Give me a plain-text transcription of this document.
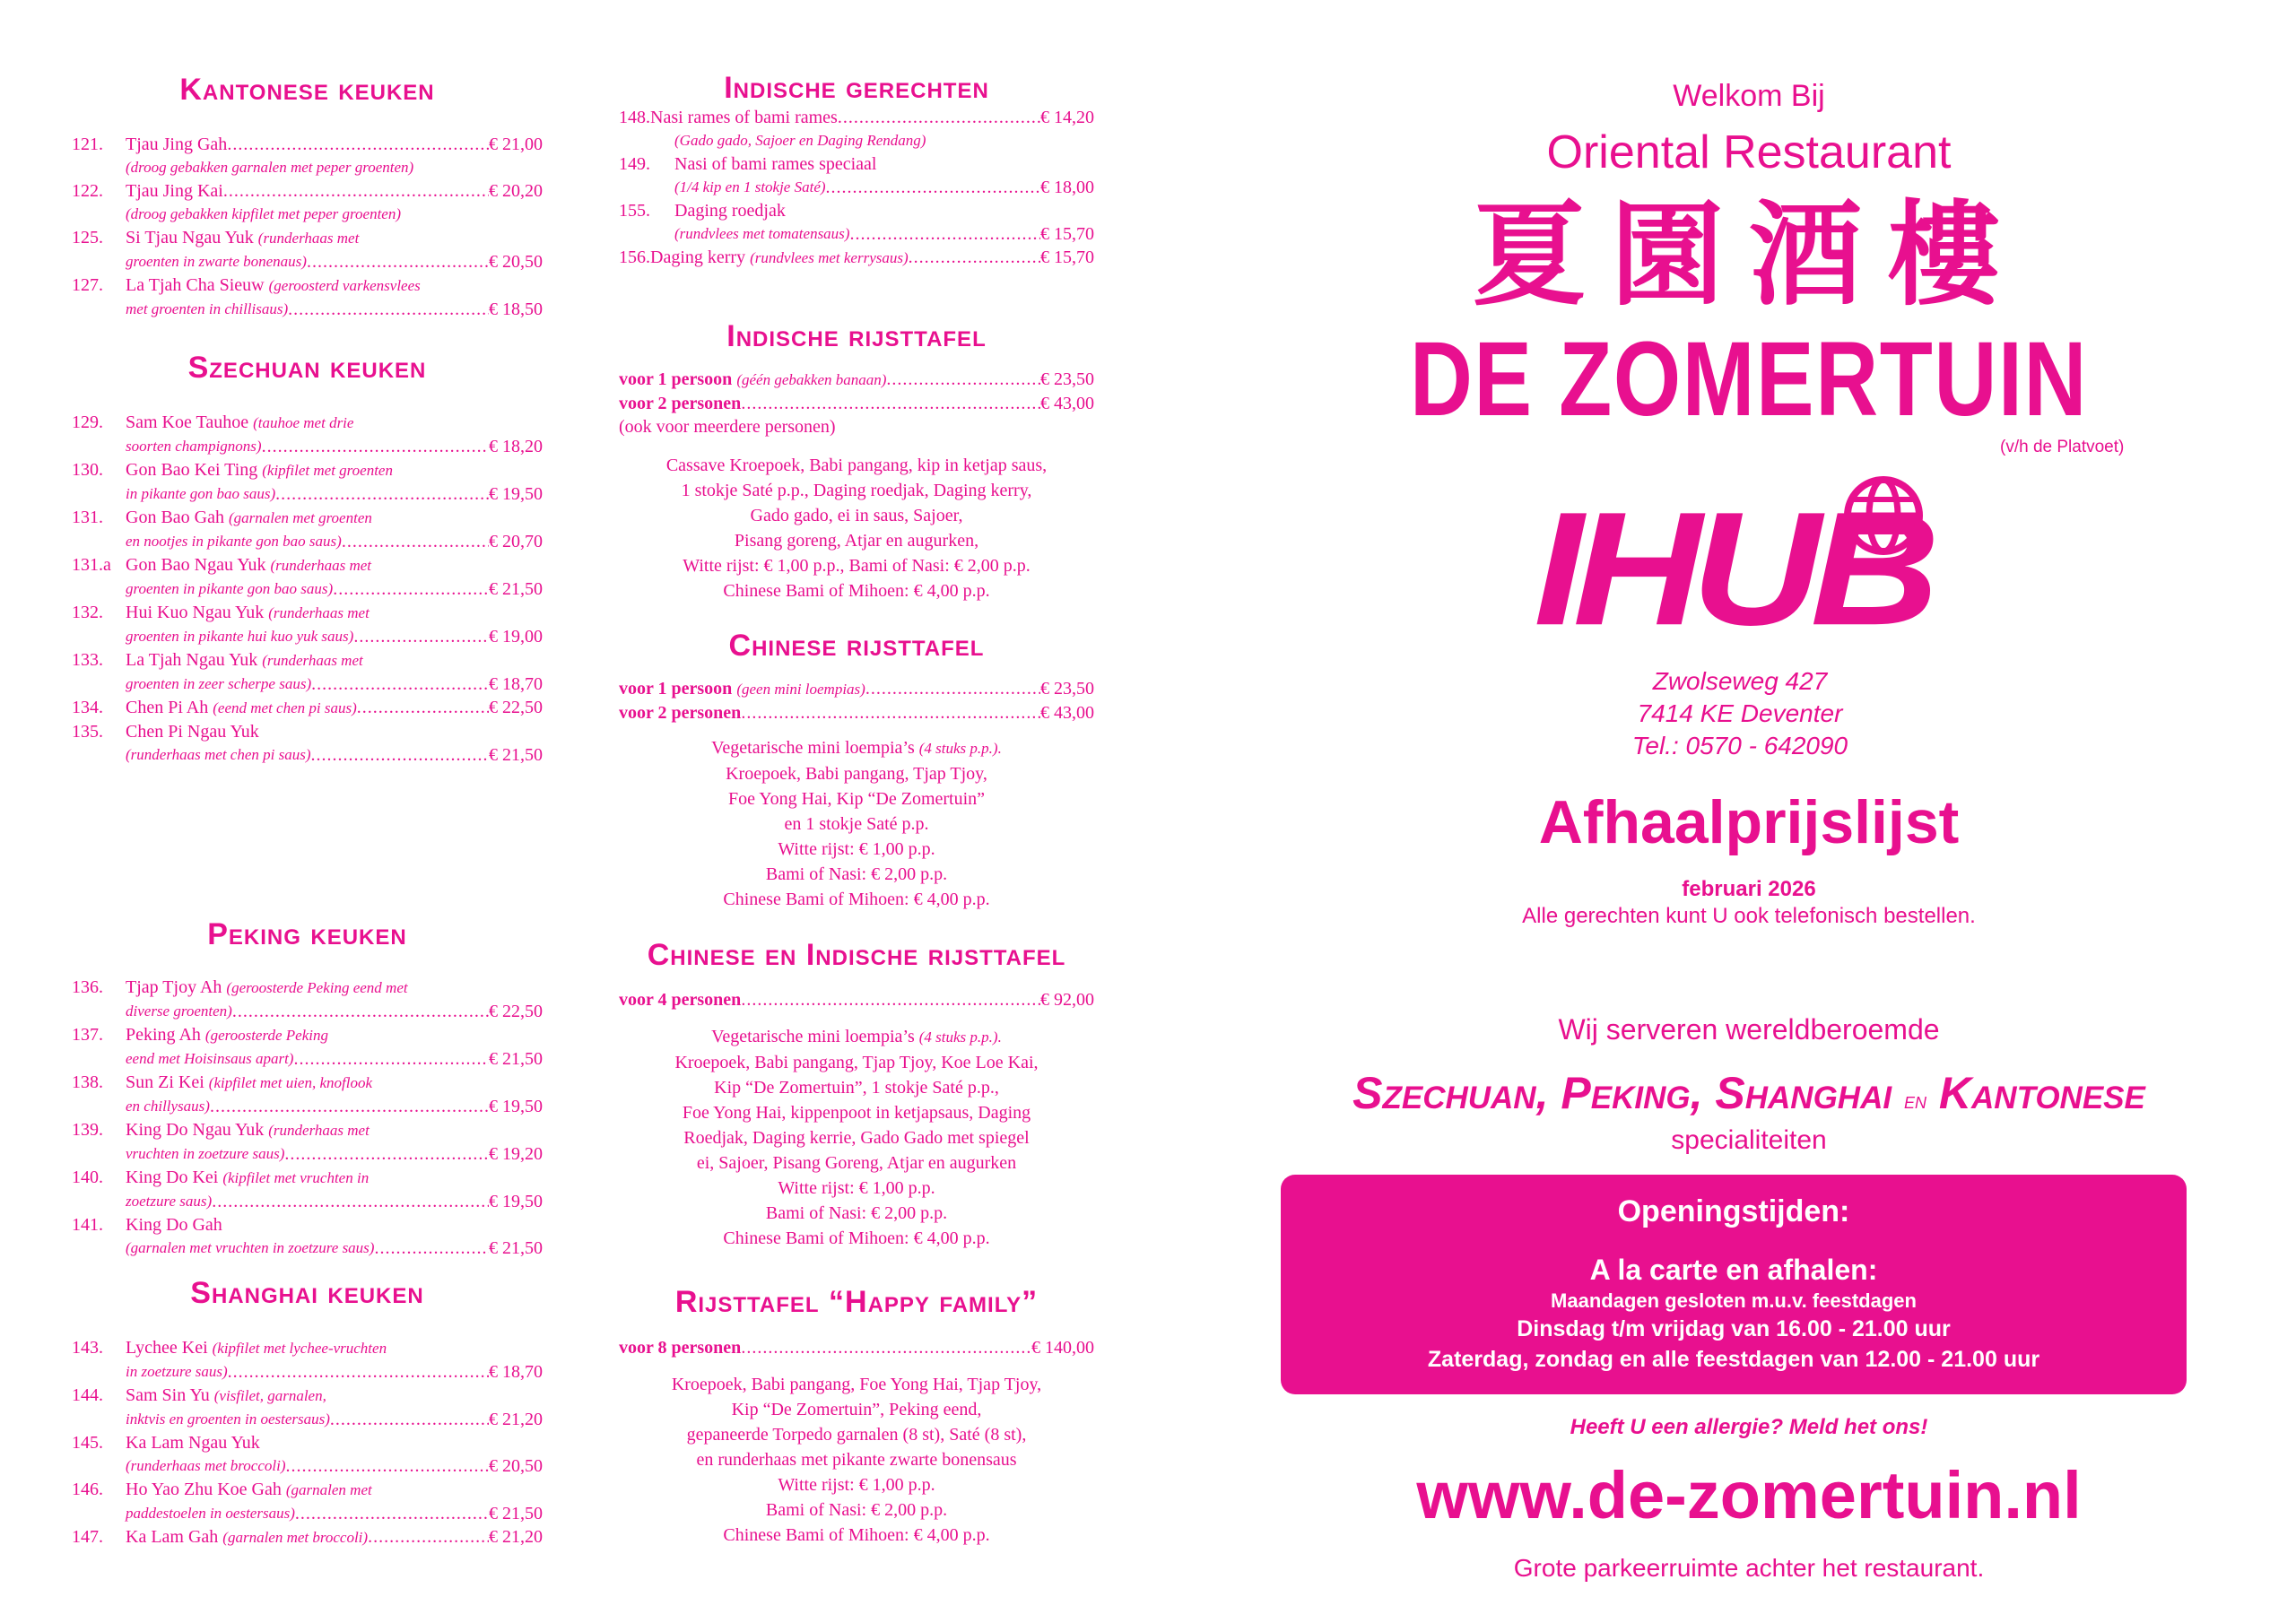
Kantonese keuken
121.	Tjau Jing Gah .....	€ 21,00
(droog gebakken garnalen met peper groenten)
122.	Tjau Jing Kai .....	€ 20,20
(droog gebakken kipfilet met peper groenten)
125.	Si Tjau Ngau Yuk (runderhaas met
groenten in zwarte bonenaus) .....	€ 20,50
127.	La Tjah Cha Sieuw (geroosterd varkensvlees
met groenten in chillisaus) .....	€ 18,50
Szechuan keuken
129.	Sam Koe Tauhoe (tauhoe met drie
soorten champignons) .....	€ 18,20
130.	Gon Bao Kei Ting (kipfilet met groenten
in pikante gon bao saus) .....	€ 19,50
131.	Gon Bao Gah (garnalen met groenten
en nootjes in pikante gon bao saus) .....	€ 20,70
131.a Gon Bao Ngau Yuk (runderhaas met
groenten in pikante gon bao saus) .....	€ 21,50
132.	Hui Kuo Ngau Yuk (runderhaas met
groenten in pikante hui kuo yuk saus) .....	€ 19,00
133.	La Tjah Ngau Yuk (runderhaas met
groenten in zeer scherpe saus) .....	€ 18,70
134.	Chen Pi Ah (eend met chen pi saus) .....	€ 22,50
135.	Chen Pi Ngau Yuk
(runderhaas met chen pi saus) .....	€ 21,50
Peking keuken
136.	Tjap Tjoy Ah (geroosterde Peking eend met
diverse groenten) .....	€ 22,50
137.	Peking Ah (geroosterde Peking
eend met Hoisinsaus apart) .....	€ 21,50
138.	Sun Zi Kei (kipfilet met uien, knoflook
en chillysaus) .....	€ 19,50
139.	King Do Ngau Yuk (runderhaas met
vruchten in zoetzure saus) .....	€ 19,20
140.	King Do Kei (kipfilet met vruchten in
zoetzure saus) .....	€ 19,50
141.	King Do Gah
(garnalen met vruchten in zoetzure saus) .....	€ 21,50
Shanghai keuken
143.	Lychee Kei (kipfilet met lychee-vruchten
in zoetzure saus) .....	€ 18,70
144.	Sam Sin Yu (visfilet, garnalen,
inktvis en groenten in oestersaus) .....	€ 21,20
145.	Ka Lam Ngau Yuk
(runderhaas met broccoli) .....	€ 20,50
146.	Ho Yao Zhu Koe Gah (garnalen met
paddestoelen in oestersaus) .....	€ 21,50
147.	Ka Lam Gah (garnalen met broccoli) .....	€ 21,20
Indische gerechten
148. Nasi rames of bami rames .....	€ 14,20
(Gado gado, Sajoer en Daging Rendang)
149.	Nasi of bami rames speciaal
(1/4 kip en 1 stokje Saté) .....	€ 18,00
155.	Daging roedjak
(rundvlees met tomatensaus) .....	€ 15,70
156. Daging kerry (rundvlees met kerrysaus) .....	€ 15,70
Indische rijsttafel
voor 1 persoon (géén gebakken banaan) .....	€ 23,50
voor 2 personen .....	€ 43,00
(ook voor meerdere personen)
Cassave Kroepoek, Babi pangang, kip in ketjap saus,
1 stokje Saté p.p., Daging roedjak, Daging kerry,
Gado gado, ei in saus, Sajoer,
Pisang goreng, Atjar en augurken,
Witte rijst: € 1,00 p.p., Bami of Nasi: € 2,00 p.p.
Chinese Bami of Mihoen: € 4,00 p.p.
Chinese rijsttafel
voor 1 persoon (geen mini loempias) .....	€ 23,50
voor 2 personen .....	€ 43,00
Vegetarische mini loempia’s (4 stuks p.p.).
Kroepoek, Babi pangang, Tjap Tjoy,
Foe Yong Hai, Kip “De Zomertuin”
en 1 stokje Saté p.p.
Witte rijst: € 1,00 p.p.
Bami of Nasi: € 2,00 p.p.
Chinese Bami of Mihoen: € 4,00 p.p.
Chinese en Indische rijsttafel
voor 4 personen .....	€ 92,00
Vegetarische mini loempia’s (4 stuks p.p.).
Kroepoek, Babi pangang, Tjap Tjoy, Koe Loe Kai,
Kip “De Zomertuin”, 1 stokje Saté p.p.,
Foe Yong Hai, kippenpoot in ketjapsaus, Daging
Roedjak, Daging kerrie, Gado Gado met spiegel
ei, Sajoer, Pisang Goreng, Atjar en augurken
Witte rijst: € 1,00 p.p.
Bami of Nasi: € 2,00 p.p.
Chinese Bami of Mihoen: € 4,00 p.p.
Rijsttafel “Happy family”
voor 8 personen .....	€ 140,00
Kroepoek, Babi pangang, Foe Yong Hai, Tjap Tjoy,
Kip “De Zomertuin”, Peking eend,
gepaneerde Torpedo garnalen (8 st), Saté (8 st),
en runderhaas met pikante zwarte bonensaus
Witte rijst: € 1,00 p.p.
Bami of Nasi: € 2,00 p.p.
Chinese Bami of Mihoen: € 4,00 p.p.
Welkom Bij
Oriental Restaurant
夏園酒樓
DE ZOMERTUIN
(v/h de Platvoet)
IHUB
Zwolseweg 427
7414 KE Deventer
Tel.: 0570 - 642090
Afhaalprijslijst
februari 2026
Alle gerechten kunt U ook telefonisch bestellen.
Wij serveren wereldberoemde
Szechuan, Peking, Shanghai en Kantonese
specialiteiten
Openingstijden:
A la carte en afhalen:
Maandagen gesloten m.u.v. feestdagen
Dinsdag t/m vrijdag van 16.00 - 21.00 uur
Zaterdag, zondag en alle feestdagen van 12.00 - 21.00 uur
Heeft U een allergie? Meld het ons!
www.de-zomertuin.nl
Grote parkeerruimte achter het restaurant.
